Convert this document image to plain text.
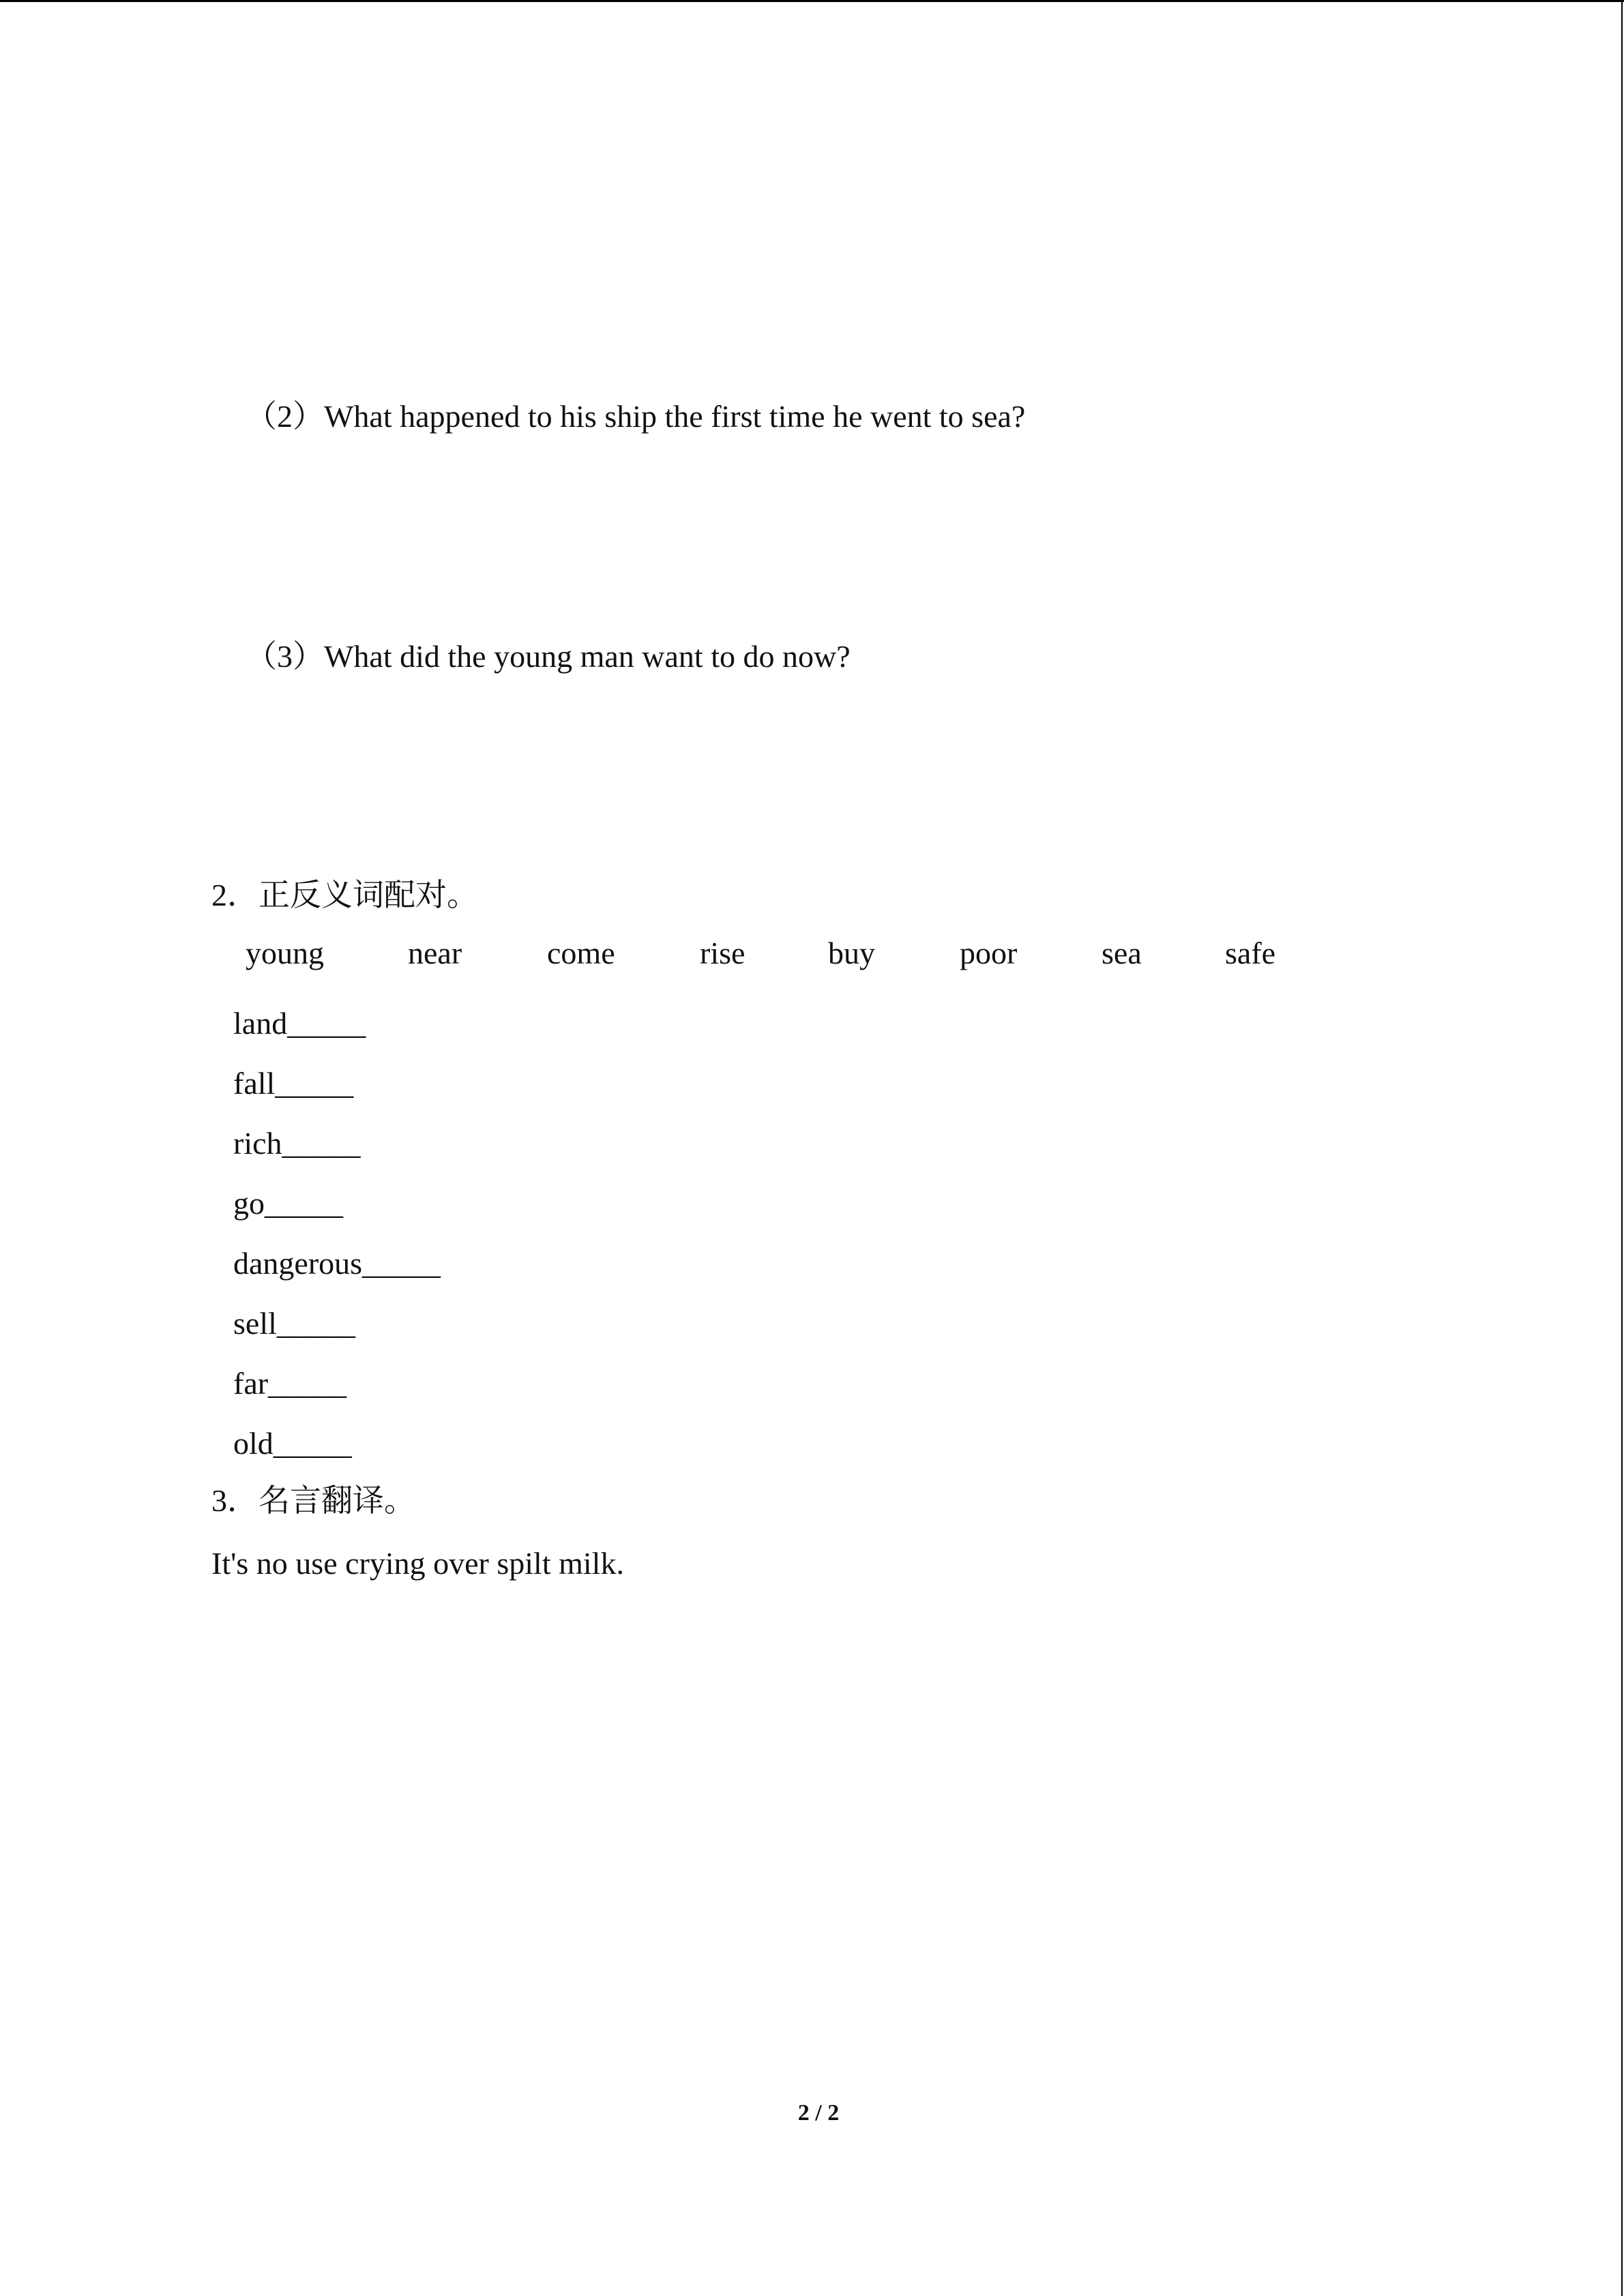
（2）What happened to his ship the first time he went to sea?
（3）What did the young man want to do now?
2．正反义词配对。
young	near	come	rise	buy	poor	sea	safe
land_____
fall_____
rich_____
go_____
dangerous_____
sell_____
far_____
old_____
3．名言翻译。
It's no use crying over spilt milk.
2 / 2
